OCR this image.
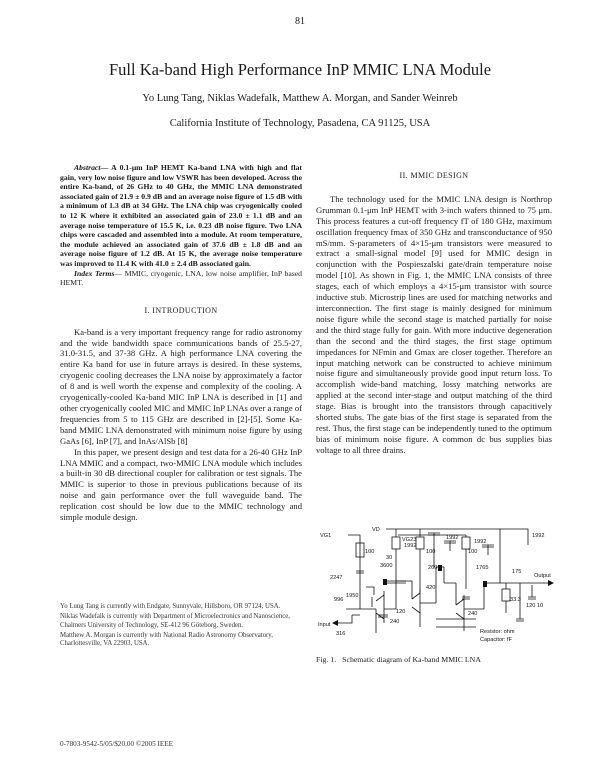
81
Full Ka-band High Performance InP MMIC LNA Module
Yo Lung Tang, Niklas Wadefalk, Matthew A. Morgan, and Sander Weinreb
California Institute of Technology, Pasadena, CA 91125, USA

Abstract— A 0.1-μm InP HEMT Ka-band LNA with high and flat gain, very low noise figure and low VSWR has been developed. Across the entire Ka-band, of 26 GHz to 40 GHz, the MMIC LNA demonstrated associated gain of 21.9 ± 0.9 dB and an average noise figure of 1.5 dB with a minimum of 1.3 dB at 34 GHz. The LNA chip was cryogenically cooled to 12 K where it exhibited an associated gain of 23.0 ± 1.1 dB and an average noise temperature of 15.5 K, i.e. 0.23 dB noise figure. Two LNA chips were cascaded and assembled into a module. At room temperature, the module achieved an associated gain of 37.6 dB ± 1.8 dB and an average noise figure of 1.2 dB. At 15 K, the average noise temperature was improved to 11.4 K with 41.0 ± 2.4 dB associated gain.

Index Terms— MMIC, cryogenic, LNA, low noise amplifier, InP based HEMT.

I. INTRODUCTION

Ka-band is a very important frequency range for radio astronomy and the wide bandwidth space communications bands of 25.5-27, 31.0-31.5, and 37-38 GHz. A high performance LNA covering the entire Ka band for use in future arrays is desired. In these systems, cryogenic cooling decreases the LNA noise by approximately a factor of 8 and is well worth the expense and complexity of the cooling. A cryogenically-cooled Ka-band MIC InP LNA is described in [1] and other cryogenically cooled MIC and MMIC InP LNAs over a range of frequencies from 5 to 115 GHz are described in [2]-[5]. Some Ka-band MMIC LNA demonstrated with minimum noise figure by using GaAs [6], InP [7], and InAs/AlSb [8]

In this paper, we present design and test data for a 26-40 GHz InP LNA MMIC and a compact, two-MMIC LNA module which includes a built-in 30 dB directional coupler for calibration or test signals. The MMIC is superior to those in previous publications because of its noise and gain performance over the full waveguide band. The replication cost should be low due to the MMIC technology and simple module design.

Yo Lung Tang is currently with Endgate, Sunnyvale, Hillsboro, OR 97124, USA.

Niklas Wadefalk is currently with Department of Microelectronics and Nanoscience, Chalmers University of Technology, SE-412 96 Göteborg, Sweden.

Matthew A. Morgan is currently with National Radio Astronomy Observatory, Charlottesville, VA 22903, USA.

0-7803-9542-5/05/$20.00 ©2005 IEEE
II. MMIC DESIGN

The technology used for the MMIC LNA design is Northrop Grumman 0.1-μm InP HEMT with 3-inch wafers thinned to 75 μm. This process features a cut-off frequency fT of 180 GHz, maximum oscillation frequency fmax of 350 GHz and transconductance of 950 mS/mm. S-parameters of 4×15-μm transistors were measured to extract a small-signal model [9] used for MMIC design in conjunction with the Pospieszalski gate/drain temperature noise model [10]. As shown in Fig. 1, the MMIC LNA consists of three stages, each of which employs a 4×15-μm transistor with source inductive stub. Microstrip lines are used for matching networks and interconnection. The first stage is mainly designed for minimum noise figure while the second stage is matched partially for noise and the third stage fully for gain. With more inductive degeneration than the second and the third stages, the first stage optimum impedances for NFmin and Gmax are closer together. Therefore an input matching network can be constructed to achieve minimum noise figure and simultaneously provide good input return loss. To accomplish wide-band matching, lossy matching networks are applied at the second inter-stage and output matching of the third stage. Bias is brought into the transistors through capacitively shorted stubs. The gate bias of the first stage is separated from the rest. Thus, the first stage can be independently tuned to the optimum bias of minimum noise figure. A common dc bus supplies bias voltage to all three drains.

VG1
VD
VG23
100
1992
1992
1992
1992
100	100
30
3600
2247
260	1765
175
Output
1950
996
420
120
240
33.3
240
120 10
Input
316	Resistor: ohm
Capacitor: fF
Fig. 1. Schematic diagram of Ka-band MMIC LNA
